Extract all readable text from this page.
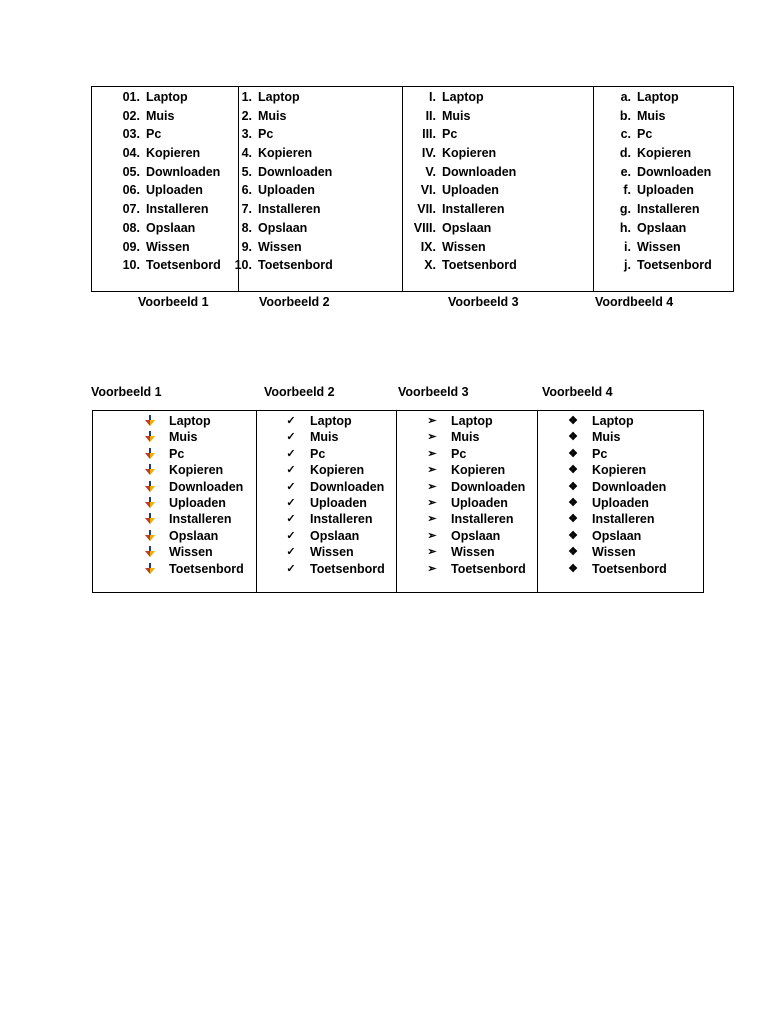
01. Laptop
02. Muis
03. Pc
04. Kopieren
05. Downloaden
06. Uploaden
07. Installeren
08. Opslaan
09. Wissen
10. Toetsenbord
1. Laptop
2. Muis
3. Pc
4. Kopieren
5. Downloaden
6. Uploaden
7. Installeren
8. Opslaan
9. Wissen
10. Toetsenbord
I. Laptop
II. Muis
III. Pc
IV. Kopieren
V. Downloaden
VI. Uploaden
VII. Installeren
VIII. Opslaan
IX. Wissen
X. Toetsenbord
a. Laptop
b. Muis
c. Pc
d. Kopieren
e. Downloaden
f. Uploaden
g. Installeren
h. Opslaan
i. Wissen
j. Toetsenbord
Voorbeeld 1	Voorbeeld 2	Voorbeeld 3	Voordbeeld 4
Voorbeeld 1	Voorbeeld 2	Voorbeeld 3	Voorbeeld 4
Laptop
Muis
Pc
Kopieren
Downloaden
Uploaden
Installeren
Opslaan
Wissen
Toetsenbord
✓ Laptop
✓ Muis
✓ Pc
✓ Kopieren
✓ Downloaden
✓ Uploaden
✓ Installeren
✓ Opslaan
✓ Wissen
✓ Toetsenbord
➢ Laptop
➢ Muis
➢ Pc
➢ Kopieren
➢ Downloaden
➢ Uploaden
➢ Installeren
➢ Opslaan
➢ Wissen
➢ Toetsenbord
❖ Laptop
❖ Muis
❖ Pc
❖ Kopieren
❖ Downloaden
❖ Uploaden
❖ Installeren
❖ Opslaan
❖ Wissen
❖ Toetsenbord
